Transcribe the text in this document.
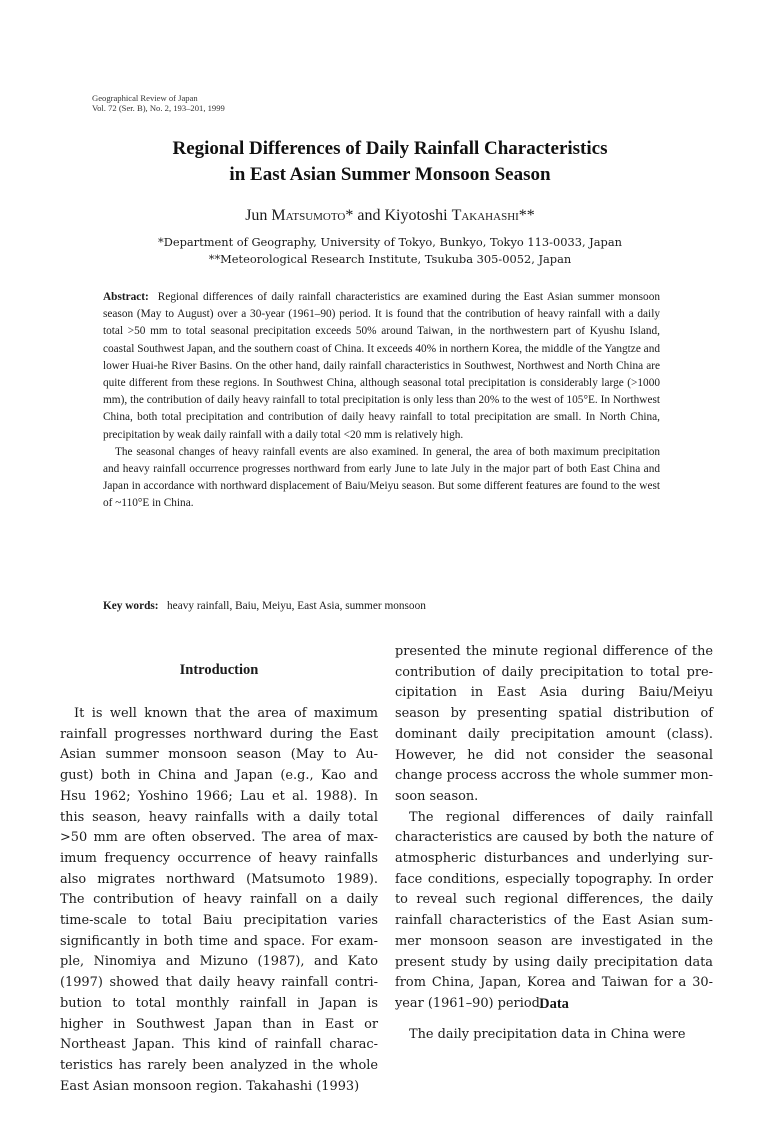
Geographical Review of Japan
Vol. 72 (Ser. B), No. 2, 193–201, 1999
Regional Differences of Daily Rainfall Characteristics
in East Asian Summer Monsoon Season
Jun Matsumoto* and Kiyotoshi Takahashi**
*Department of Geography, University of Tokyo, Bunkyo, Tokyo 113-0033, Japan
**Meteorological Research Institute, Tsukuba 305-0052, Japan

Abstract: Regional differences of daily rainfall characteristics are examined during the East Asian summer monsoon season (May to August) over a 30-year (1961–90) period. It is found that the contribution of heavy rainfall with a daily total >50 mm to total seasonal precipitation exceeds 50% around Taiwan, in the northwestern part of Kyushu Island, coastal Southwest Japan, and the southern coast of China. It exceeds 40% in northern Korea, the middle of the Yangtze and lower Huai-he River Basins. On the other hand, daily rainfall characteristics in Southwest, Northwest and North China are quite different from these regions. In Southwest China, although seasonal total precipitation is considerably large (>1000 mm), the contribution of daily heavy rainfall to total precipitation is only less than 20% to the west of 105°E. In Northwest China, both total precipitation and contribution of daily heavy rainfall to total precipitation are small. In North China, precipitation by weak daily rainfall with a daily total <20 mm is relatively high.

The seasonal changes of heavy rainfall events are also examined. In general, the area of both maximum precipitation and heavy rainfall occurrence progresses northward from early June to late July in the major part of both East China and Japan in accordance with northward displacement of Baiu/Meiyu season. But some different features are found to the west of ~110°E in China.

Key words: heavy rainfall, Baiu, Meiyu, East Asia, summer monsoon
Introduction

It is well known that the area of maximum rainfall progresses northward during the East Asian summer monsoon season (May to Au-gust) both in China and Japan (e.g., Kao and Hsu 1962; Yoshino 1966; Lau et al. 1988). In this season, heavy rainfalls with a daily total >50 mm are often observed. The area of max-imum frequency occurrence of heavy rainfalls also migrates northward (Matsumoto 1989). The contribution of heavy rainfall on a daily time-scale to total Baiu precipitation varies significantly in both time and space. For exam-ple, Ninomiya and Mizuno (1987), and Kato (1997) showed that daily heavy rainfall contri-bution to total monthly rainfall in Japan is higher in Southwest Japan than in East or Northeast Japan. This kind of rainfall charac-teristics has rarely been analyzed in the whole East Asian monsoon region. Takahashi (1993)

presented the minute regional difference of the contribution of daily precipitation to total pre-cipitation in East Asia during Baiu/Meiyu season by presenting spatial distribution of dominant daily precipitation amount (class). However, he did not consider the seasonal change process accross the whole summer mon-soon season.

The regional differences of daily rainfall characteristics are caused by both the nature of atmospheric disturbances and underlying sur-face conditions, especially topography. In order to reveal such regional differences, the daily rainfall characteristics of the East Asian sum-mer monsoon season are investigated in the present study by using daily precipitation data from China, Japan, Korea and Taiwan for a 30-year (1961–90) period.

Data

The daily precipitation data in China were
